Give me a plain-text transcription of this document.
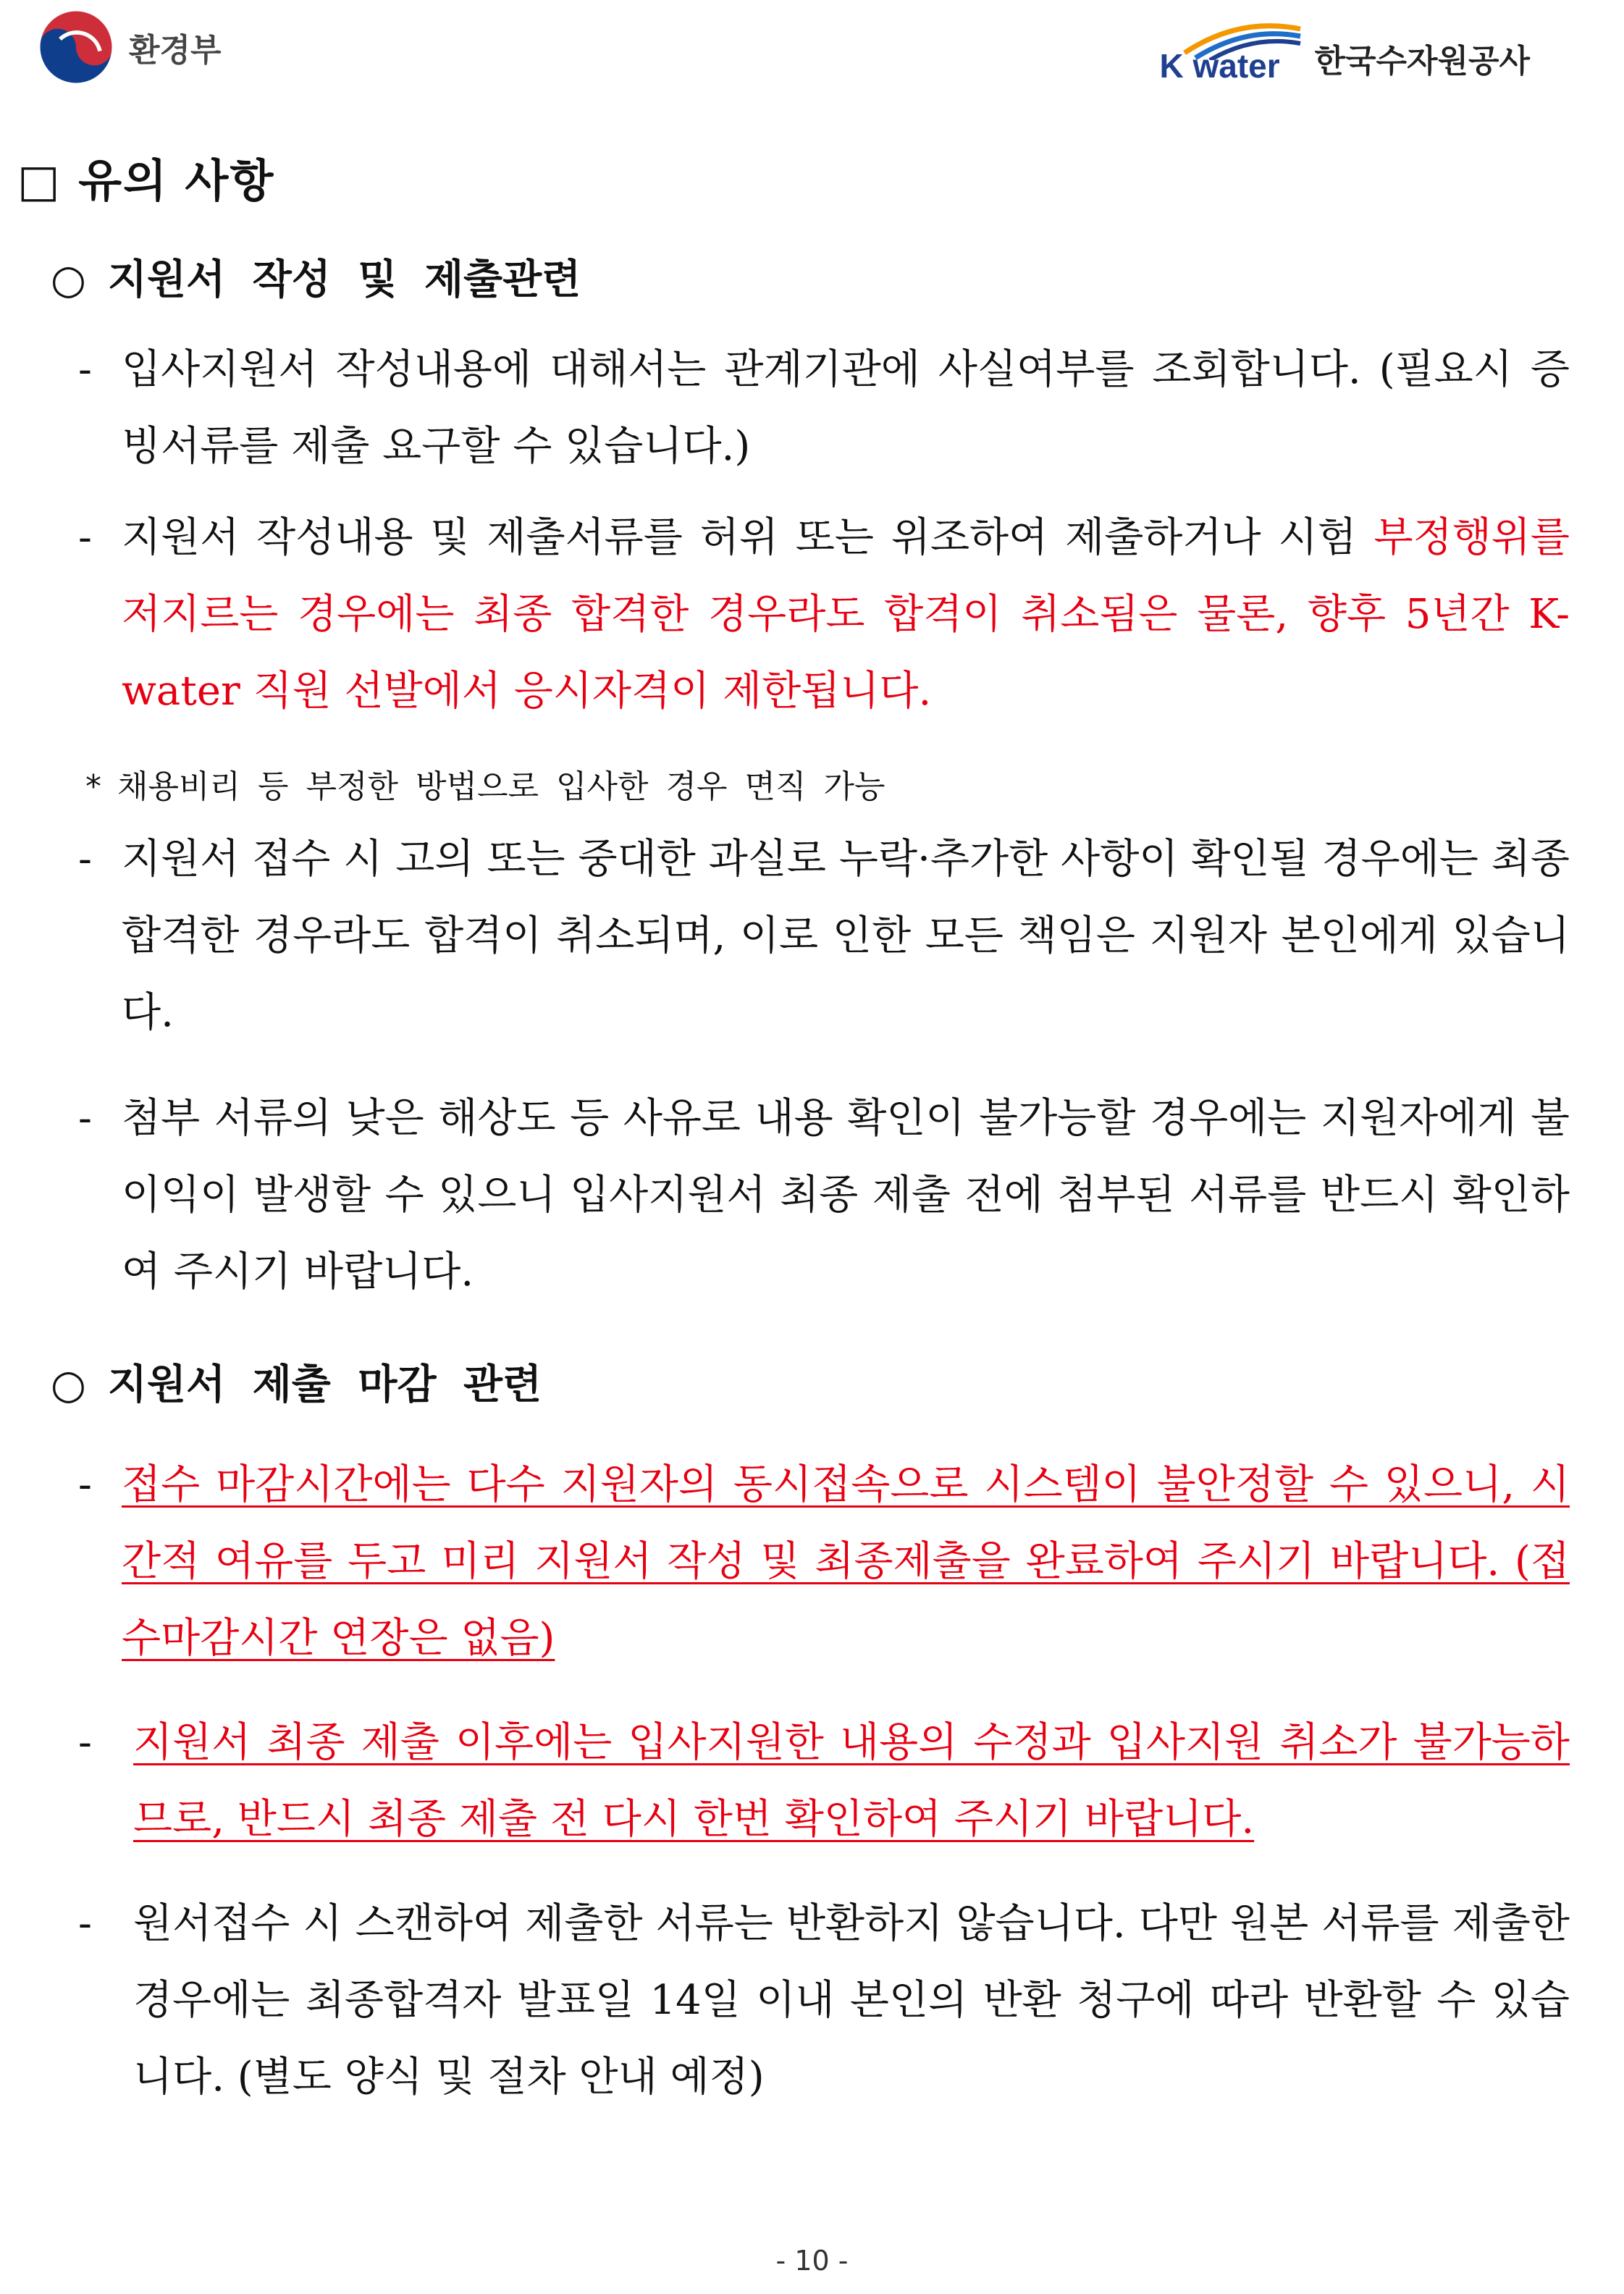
환경부	K water 한국수자원공사
□ 유의 사항
○ 지원서 작성 및 제출관련
- 입사지원서 작성내용에 대해서는 관계기관에 사실여부를 조회합니다. (필요시 증빙서류를 제출 요구할 수 있습니다.)
- 지원서 작성내용 및 제출서류를 허위 또는 위조하여 제출하거나 시험 부정행위를 저지르는 경우에는 최종 합격한 경우라도 합격이 취소됨은 물론, 향후 5년간 K-water 직원 선발에서 응시자격이 제한됩니다.
* 채용비리 등 부정한 방법으로 입사한 경우 면직 가능
- 지원서 접수 시 고의 또는 중대한 과실로 누락·추가한 사항이 확인될 경우에는 최종 합격한 경우라도 합격이 취소되며, 이로 인한 모든 책임은 지원자 본인에게 있습니다.
- 첨부 서류의 낮은 해상도 등 사유로 내용 확인이 불가능할 경우에는 지원자에게 불이익이 발생할 수 있으니 입사지원서 최종 제출 전에 첨부된 서류를 반드시 확인하여 주시기 바랍니다.
○ 지원서 제출 마감 관련
- 접수 마감시간에는 다수 지원자의 동시접속으로 시스템이 불안정할 수 있으니, 시간적 여유를 두고 미리 지원서 작성 및 최종제출을 완료하여 주시기 바랍니다. (접수마감시간 연장은 없음)
- 지원서 최종 제출 이후에는 입사지원한 내용의 수정과 입사지원 취소가 불가능하므로, 반드시 최종 제출 전 다시 한번 확인하여 주시기 바랍니다.
- 원서접수 시 스캔하여 제출한 서류는 반환하지 않습니다. 다만 원본 서류를 제출한 경우에는 최종합격자 발표일 14일 이내 본인의 반환 청구에 따라 반환할 수 있습니다. (별도 양식 및 절차 안내 예정)
- 10 -
